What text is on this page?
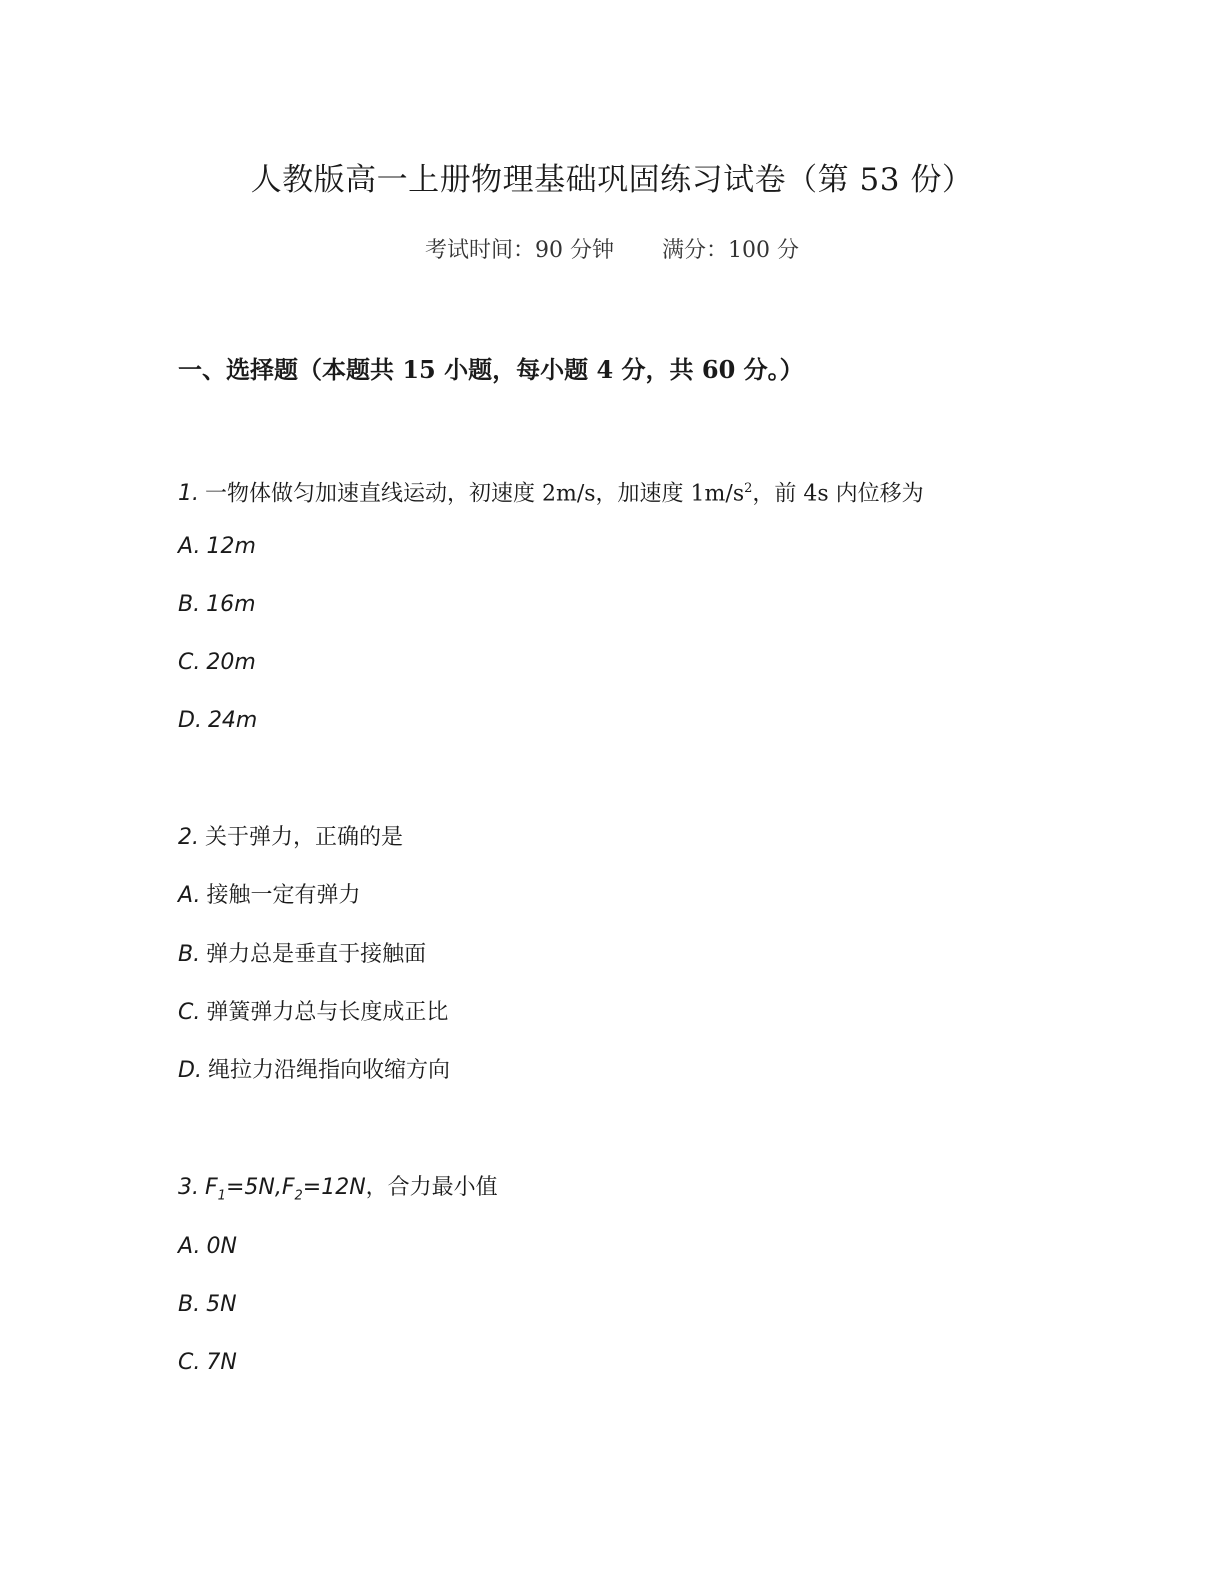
人教版高一上册物理基础巩固练习试卷（第 53 份）
考试时间：90 分钟 满分：100 分
一、选择题（本题共 15 小题，每小题 4 分，共 60 分。）
1. 一物体做匀加速直线运动，初速度 2m/s，加速度 $1m/s^2$，前 4s 内位移为
A. 12m
B. 16m
C. 20m
D. 24m
2. 关于弹力，正确的是
A. 接触一定有弹力
B. 弹力总是垂直于接触面
C. 弹簧弹力总与长度成正比
D. 绳拉力沿绳指向收缩方向
3. $F_1=5N,F_2=12N$，合力最小值
A. 0N
B. 5N
C. 7N
